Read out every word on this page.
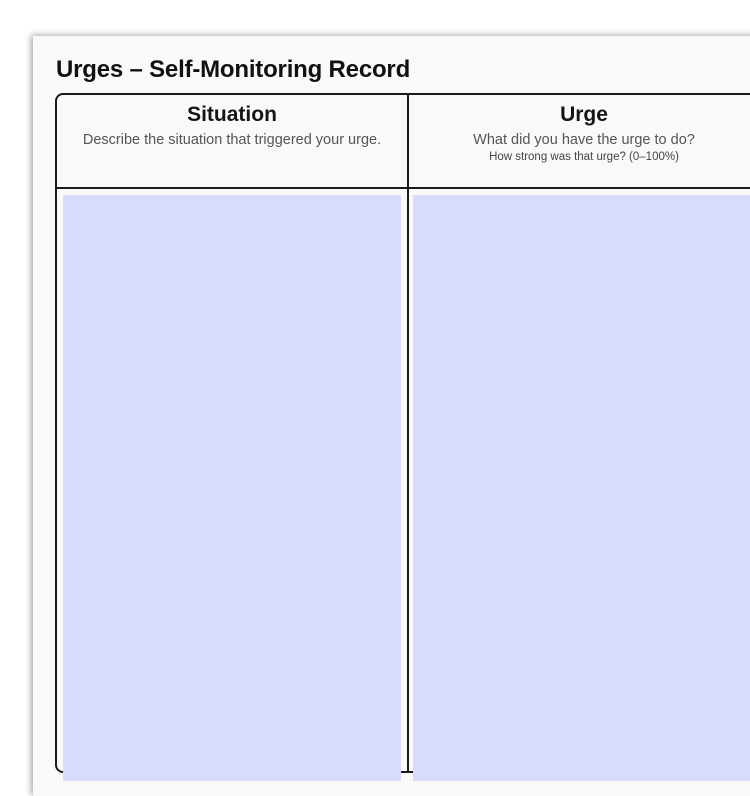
Urges – Self-Monitoring Record
Situation
Describe the situation that triggered your urge.
Urge
What did you have the urge to do?
How strong was that urge? (0–100%)
